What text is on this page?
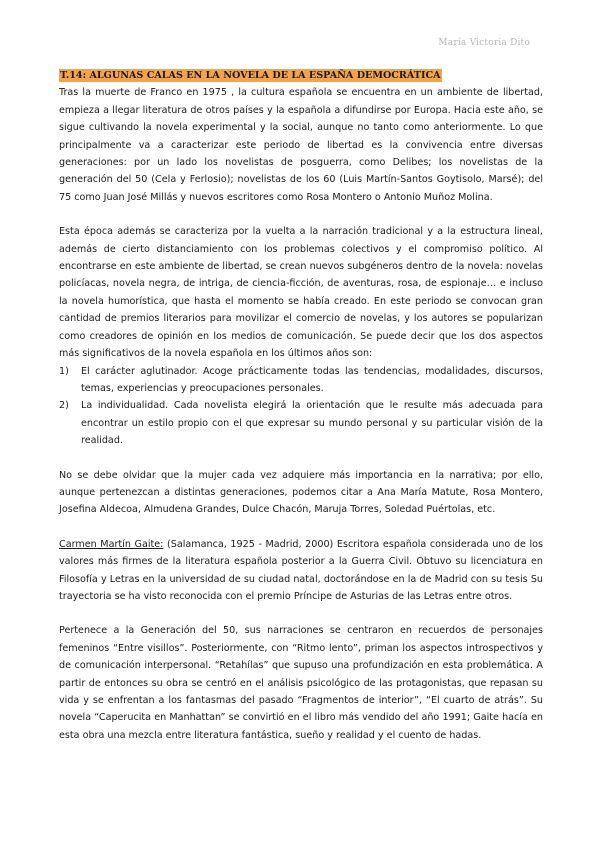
María Victoria Dito
T.14: ALGUNAS CALAS EN LA NOVELA DE LA ESPAÑA DEMOCRÁTICA

Tras la muerte de Franco en 1975 , la cultura española se encuentra en un ambiente de libertad, empieza a llegar literatura de otros países y la española a difundirse por Europa. Hacia este año, se sigue cultivando la novela experimental y la social, aunque no tanto como anteriormente. Lo que principalmente va a caracterizar este periodo de libertad es la convivencia entre diversas generaciones: por un lado los novelistas de posguerra, como Delibes; los novelistas de la generación del 50 (Cela y Ferlosio); novelistas de los 60 (Luis Martín-Santos Goytisolo, Marsé); del 75 como Juan José Millás y nuevos escritores como Rosa Montero o Antonio Muñoz Molina.

Esta época además se caracteriza por la vuelta a la narración tradicional y a la estructura lineal, además de cierto distanciamiento con los problemas colectivos y el compromiso político. Al encontrarse en este ambiente de libertad, se crean nuevos subgéneros dentro de la novela: novelas policíacas, novela negra, de intriga, de ciencia-ficción, de aventuras, rosa, de espionaje… e incluso la novela humorística, que hasta el momento se había creado. En este periodo se convocan gran cantidad de premios literarios para movilizar el comercio de novelas, y los autores se popularizan como creadores de opinión en los medios de comunicación. Se puede decir que los dos aspectos más significativos de la novela española en los últimos años son:

1) El carácter aglutinador. Acoge prácticamente todas las tendencias, modalidades, discursos, temas, experiencias y preocupaciones personales.
2) La individualidad. Cada novelista elegirá la orientación que le resulte más adecuada para encontrar un estilo propio con el que expresar su mundo personal y su particular visión de la realidad.

No se debe olvidar que la mujer cada vez adquiere más importancia en la narrativa; por ello, aunque pertenezcan a distintas generaciones, podemos citar a Ana María Matute, Rosa Montero, Josefina Aldecoa, Almudena Grandes, Dulce Chacón, Maruja Torres, Soledad Puértolas, etc.

Carmen Martín Gaite: (Salamanca, 1925 - Madrid, 2000) Escritora española considerada uno de los valores más firmes de la literatura española posterior a la Guerra Civil. Obtuvo su licenciatura en Filosofía y Letras en la universidad de su ciudad natal, doctorándose en la de Madrid con su tesis Su trayectoria se ha visto reconocida con el premio Príncipe de Asturias de las Letras entre otros.

Pertenece a la Generación del 50, sus narraciones se centraron en recuerdos de personajes femeninos “Entre visillos”. Posteriormente, con “Ritmo lento”, priman los aspectos introspectivos y de comunicación interpersonal. “Retahílas” que supuso una profundización en esta problemática. A partir de entonces su obra se centró en el análisis psicológico de las protagonistas, que repasan su vida y se enfrentan a los fantasmas del pasado “Fragmentos de interior”, “El cuarto de atrás”. Su novela “Caperucita en Manhattan” se convirtió en el libro más vendido del año 1991; Gaite hacía en esta obra una mezcla entre literatura fantástica, sueño y realidad y el cuento de hadas.
